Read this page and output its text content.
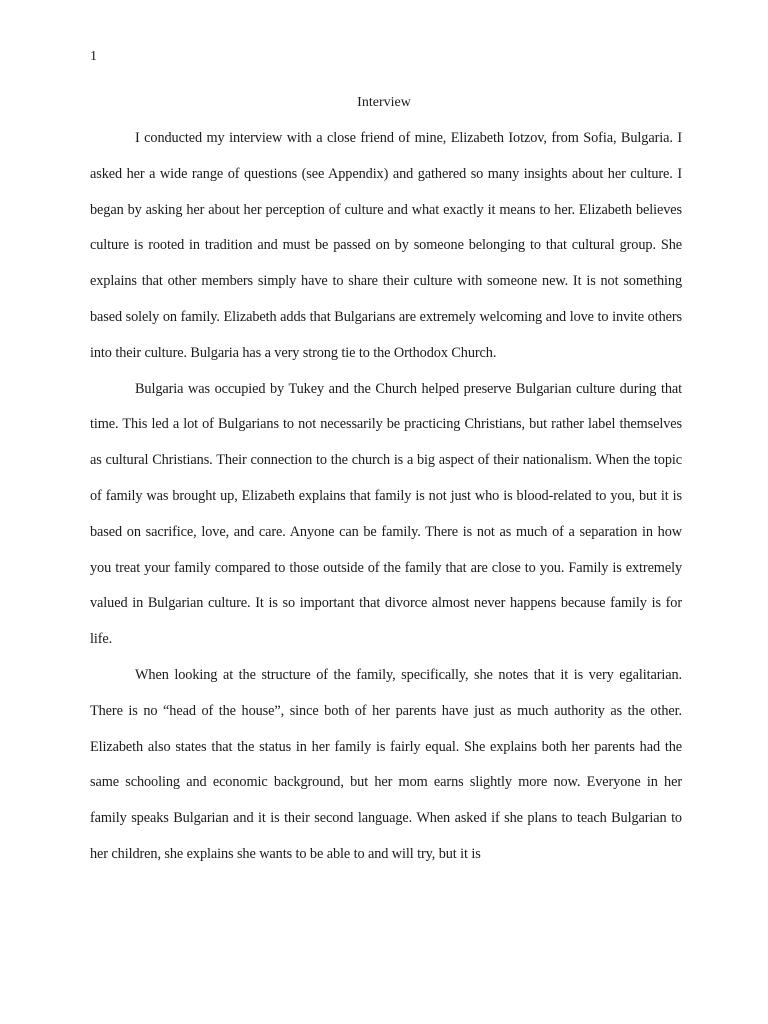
1
Interview

I conducted my interview with a close friend of mine, Elizabeth Iotzov, from Sofia, Bulgaria. I asked her a wide range of questions (see Appendix) and gathered so many insights about her culture. I began by asking her about her perception of culture and what exactly it means to her. Elizabeth believes culture is rooted in tradition and must be passed on by someone belonging to that cultural group. She explains that other members simply have to share their culture with someone new. It is not something based solely on family. Elizabeth adds that Bulgarians are extremely welcoming and love to invite others into their culture. Bulgaria has a very strong tie to the Orthodox Church.

Bulgaria was occupied by Tukey and the Church helped preserve Bulgarian culture during that time. This led a lot of Bulgarians to not necessarily be practicing Christians, but rather label themselves as cultural Christians. Their connection to the church is a big aspect of their nationalism. When the topic of family was brought up, Elizabeth explains that family is not just who is blood-related to you, but it is based on sacrifice, love, and care. Anyone can be family. There is not as much of a separation in how you treat your family compared to those outside of the family that are close to you. Family is extremely valued in Bulgarian culture. It is so important that divorce almost never happens because family is for life.

When looking at the structure of the family, specifically, she notes that it is very egalitarian. There is no “head of the house”, since both of her parents have just as much authority as the other. Elizabeth also states that the status in her family is fairly equal. She explains both her parents had the same schooling and economic background, but her mom earns slightly more now. Everyone in her family speaks Bulgarian and it is their second language. When asked if she plans to teach Bulgarian to her children, she explains she wants to be able to and will try, but it is
